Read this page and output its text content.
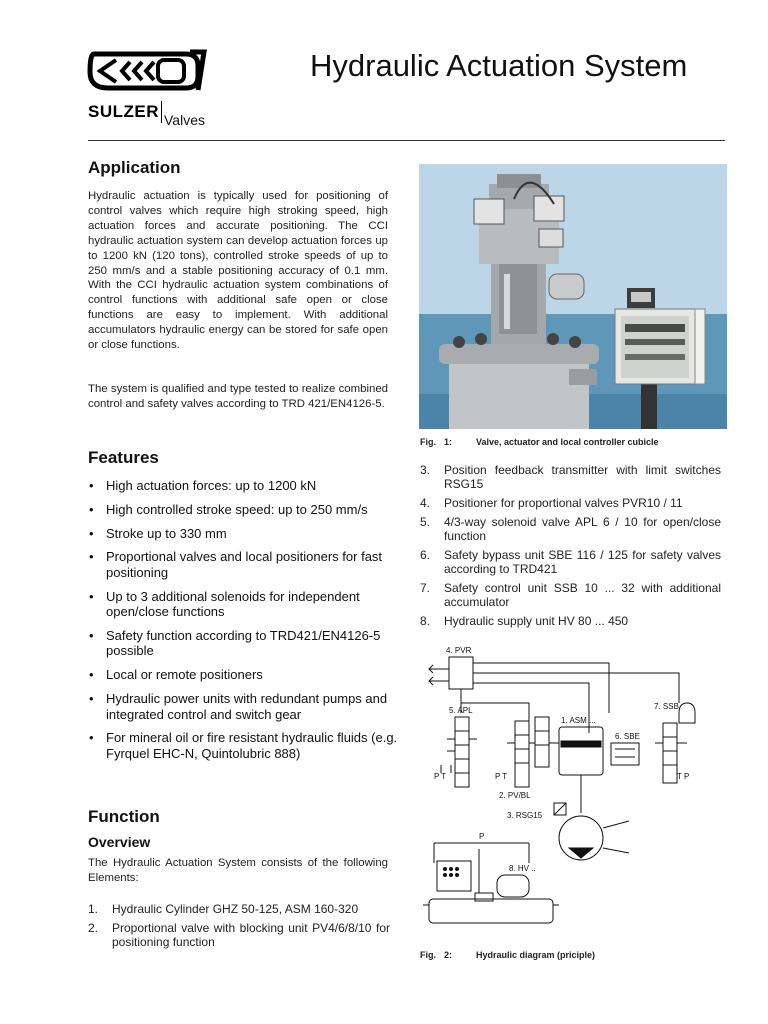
SULZER Valves
Hydraulic Actuation System
Application
Hydraulic actuation is typically used for positioning of control valves which require high stroking speed, high actuation forces and accurate positioning. The CCI hydraulic actuation system can develop actuation forces up to 1200 kN (120 tons), controlled stroke speeds of up to 250 mm/s and a stable positioning accuracy of 0.1 mm. With the CCI hydraulic actuation system combinations of control functions with additional safe open or close functions are easy to implement. With additional accumulators hydraulic energy can be stored for safe open or close functions.
The system is qualified and type tested to realize combined control and safety valves according to TRD 421/EN4126-5.
Features
• High actuation forces: up to 1200 kN
• High controlled stroke speed: up to 250 mm/s
• Stroke up to 330 mm
• Proportional valves and local positioners for fast positioning
• Up to 3 additional solenoids for independent open/close functions
• Safety function according to TRD421/EN4126-5 possible
• Local or remote positioners
• Hydraulic power units with redundant pumps and integrated control and switch gear
• For mineral oil or fire resistant hydraulic fluids (e.g. Fyrquel EHC-N, Quintolubric 888)
Function
Overview
The Hydraulic Actuation System consists of the following Elements:
1. Hydraulic Cylinder GHZ 50-125, ASM 160-320
2. Proportional valve with blocking unit PV4/6/8/10 for positioning function
Fig. 1:	Valve, actuator and local controller cubicle
3. Position feedback transmitter with limit switches RSG15
4. Positioner for proportional valves PVR10 / 11
5. 4/3-way solenoid valve APL 6 / 10 for open/close function
6. Safety bypass unit SBE 116 / 125 for safety valves according to TRD421
7. Safety control unit SSB 10 ... 32 with additional accumulator
8. Hydraulic supply unit HV 80 ... 450
4. PVR
5. APL
P T	P T
2. PV/BL
1. ASM ...
6. SBE
7. SSB
T P
3. RSG15
P
8. HV ..
Fig. 2:	Hydraulic diagram (priciple)
